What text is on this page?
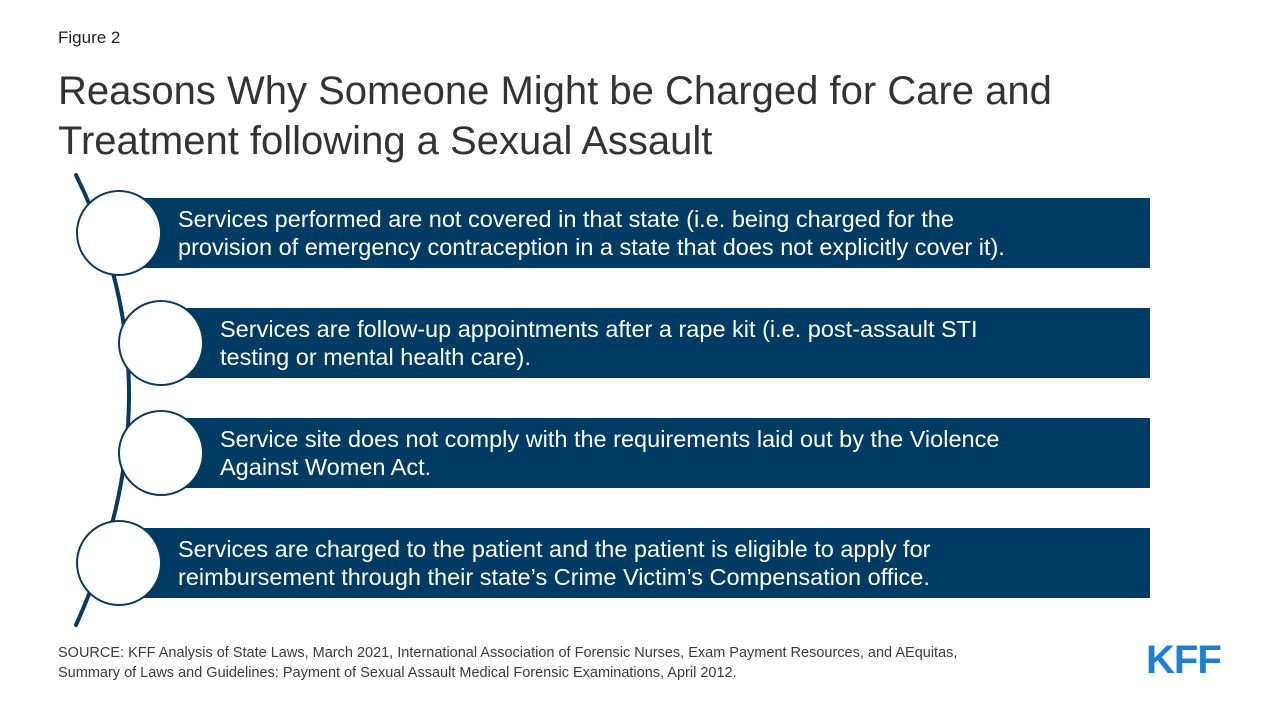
Figure 2
Reasons Why Someone Might be Charged for Care and
Treatment following a Sexual Assault
Services performed are not covered in that state (i.e. being charged for the
provision of emergency contraception in a state that does not explicitly cover it).
Services are follow-up appointments after a rape kit (i.e. post-assault STI
testing or mental health care).
Service site does not comply with the requirements laid out by the Violence
Against Women Act.
Services are charged to the patient and the patient is eligible to apply for
reimbursement through their state’s Crime Victim’s Compensation office.
SOURCE: KFF Analysis of State Laws, March 2021, International Association of Forensic Nurses, Exam Payment Resources, and AEquitas,
Summary of Laws and Guidelines: Payment of Sexual Assault Medical Forensic Examinations, April 2012.	KFF
